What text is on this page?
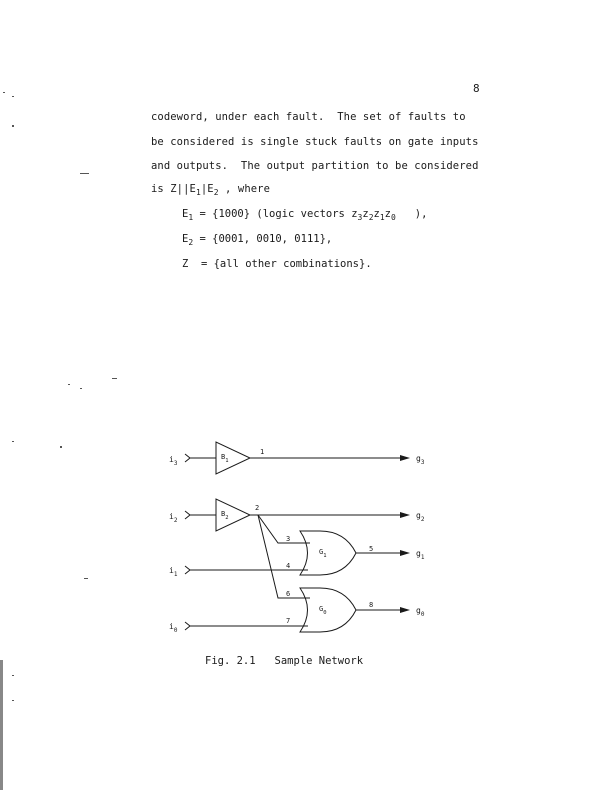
8
codeword, under each fault.  The set of faults to
be considered is single stuck faults on gate inputs
and outputs.  The output partition to be considered
is $Z||E_1|E_2$ , where
$E_1 = \{1000\}$ (logic vectors $z_3z_2z_1z_0$   ),
$E_2 = \{0001$, 0010, 0111},
Z  = {all other combinations}.
$i_3$
$i_2$
$i_1$
$i_0$
$g_3$
$g_2$
$g_1$
$g_0$
$B_1$
$B_2$
$G_1$
$G_0$
1
2
3
4
5
6
7
8
Fig. 2.1   Sample Network
